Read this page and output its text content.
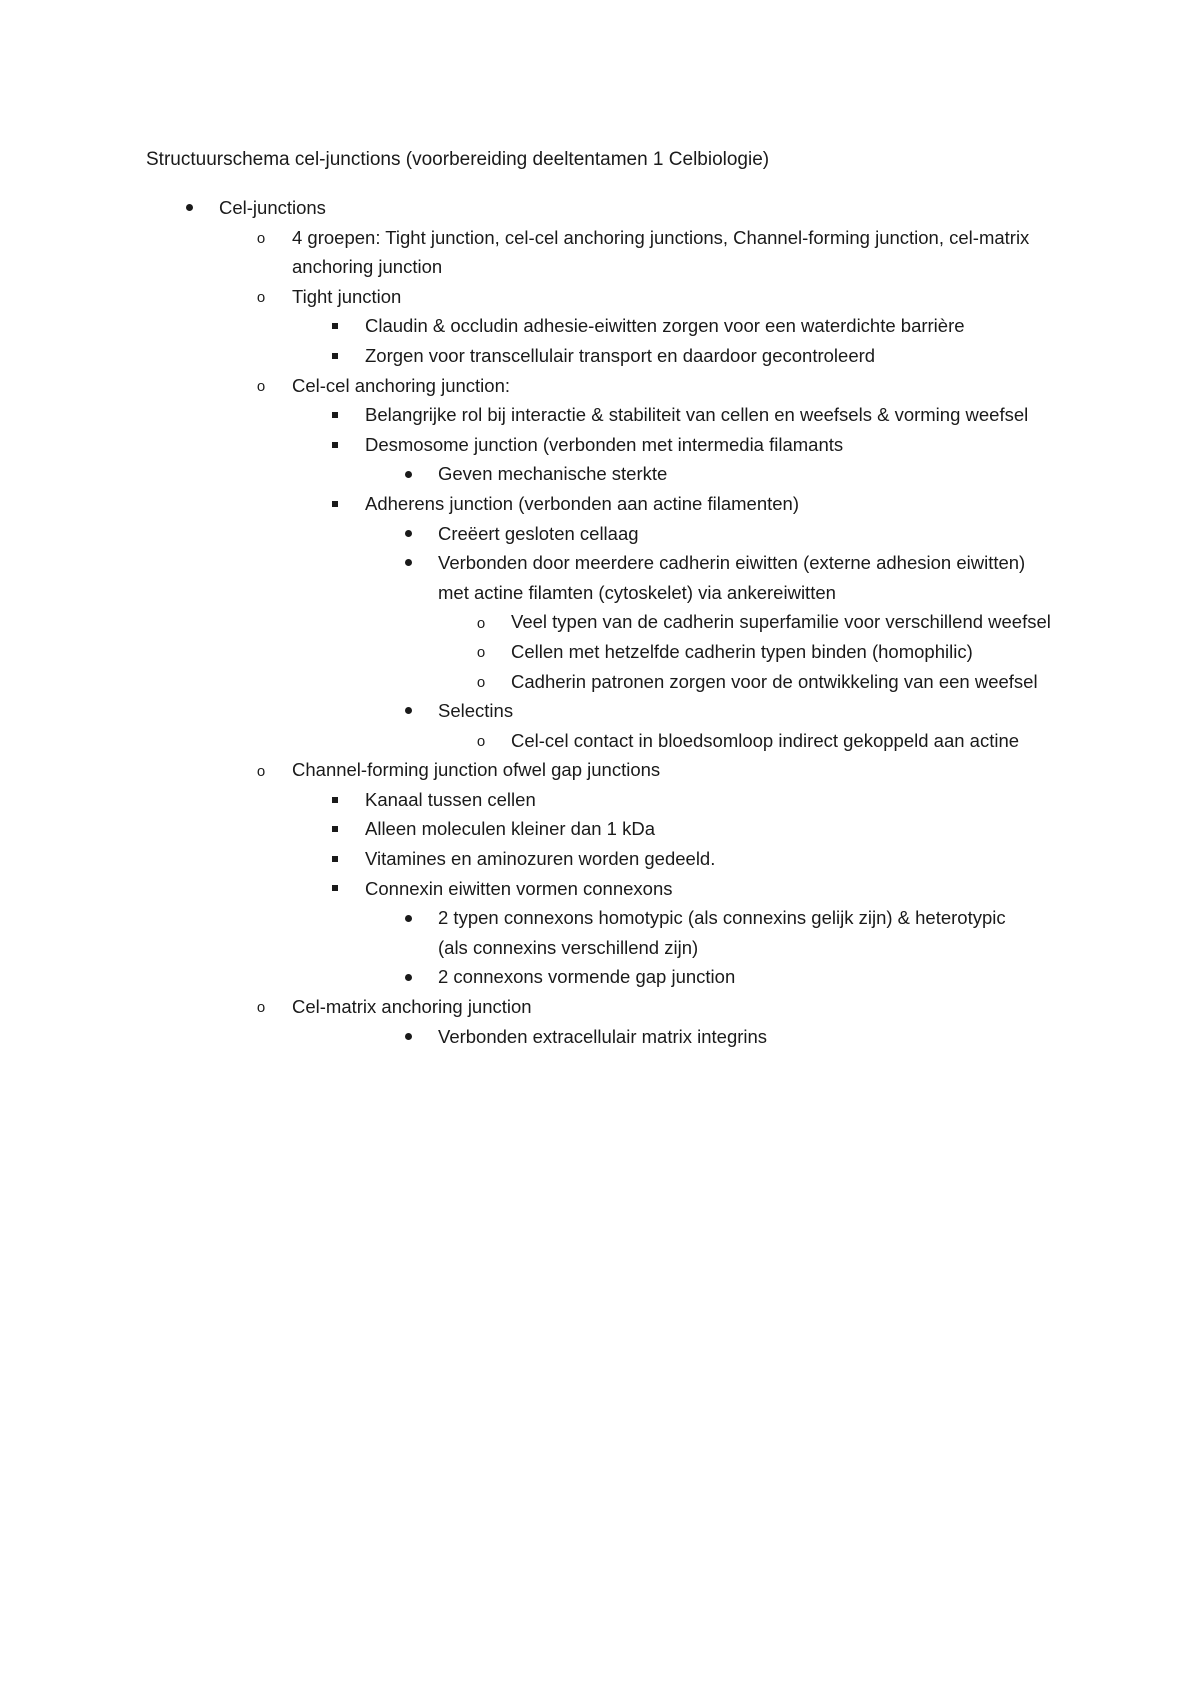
Structuurschema cel-junctions (voorbereiding deeltentamen 1 Celbiologie)
Cel-junctions
o 4 groepen: Tight junction, cel-cel anchoring junctions, Channel-forming junction, cel-matrix anchoring junction
o Tight junction
Claudin & occludin adhesie-eiwitten zorgen voor een waterdichte barrière
Zorgen voor transcellulair transport en daardoor gecontroleerd
o Cel-cel anchoring junction:
Belangrijke rol bij interactie & stabiliteit van cellen en weefsels & vorming weefsel
Desmosome junction (verbonden met intermedia filamants
Geven mechanische sterkte
Adherens junction (verbonden aan actine filamenten)
Creëert gesloten cellaag
Verbonden door meerdere cadherin eiwitten (externe adhesion eiwitten) met actine filamten (cytoskelet) via ankereiwitten
o Veel typen van de cadherin superfamilie voor verschillend weefsel
o Cellen met hetzelfde cadherin typen binden (homophilic)
o Cadherin patronen zorgen voor de ontwikkeling van een weefsel
Selectins
o Cel-cel contact in bloedsomloop indirect gekoppeld aan actine
o Channel-forming junction ofwel gap junctions
Kanaal tussen cellen
Alleen moleculen kleiner dan 1 kDa
Vitamines en aminozuren worden gedeeld.
Connexin eiwitten vormen connexons
2 typen connexons homotypic (als connexins gelijk zijn) & heterotypic (als connexins verschillend zijn)
2 connexons vormende gap junction
o Cel-matrix anchoring junction
Verbonden extracellulair matrix integrins
